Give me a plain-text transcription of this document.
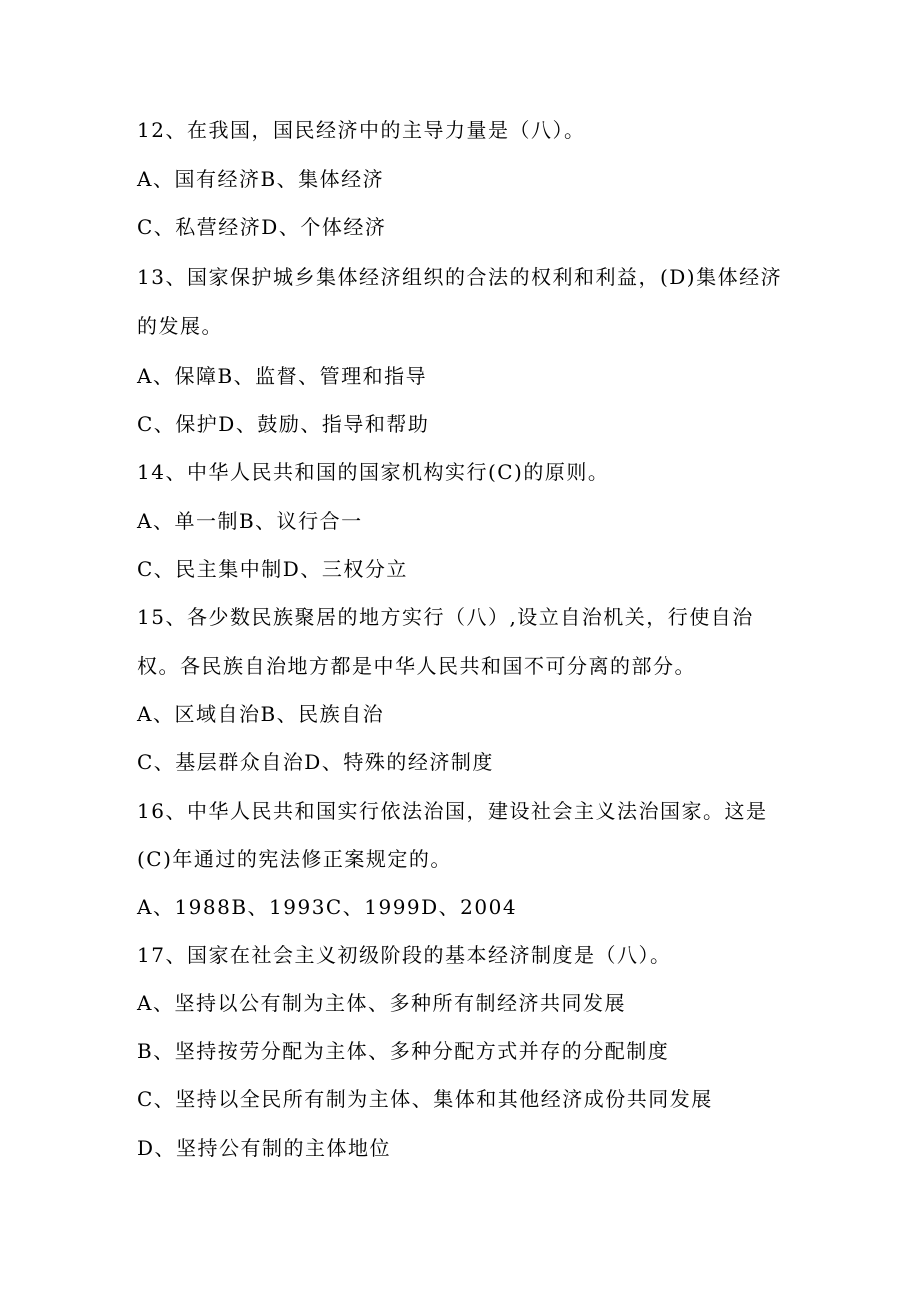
12、在我国，国民经济中的主导力量是（八）。

A、国有经济B、集体经济

C、私营经济D、个体经济

13、国家保护城乡集体经济组织的合法的权利和利益，(D)集体经济

的发展。

A、保障B、监督、管理和指导

C、保护D、鼓励、指导和帮助

14、中华人民共和国的国家机构实行(C)的原则。

A、单一制B、议行合一

C、民主集中制D、三权分立

15、各少数民族聚居的地方实行（八）,设立自治机关，行使自治

权。各民族自治地方都是中华人民共和国不可分离的部分。

A、区域自治B、民族自治

C、基层群众自治D、特殊的经济制度

16、中华人民共和国实行依法治国，建设社会主义法治国家。这是

(C)年通过的宪法修正案规定的。

A、1988B、1993C、1999D、2004

17、国家在社会主义初级阶段的基本经济制度是（八）。

A、坚持以公有制为主体、多种所有制经济共同发展

B、坚持按劳分配为主体、多种分配方式并存的分配制度

C、坚持以全民所有制为主体、集体和其他经济成份共同发展

D、坚持公有制的主体地位
